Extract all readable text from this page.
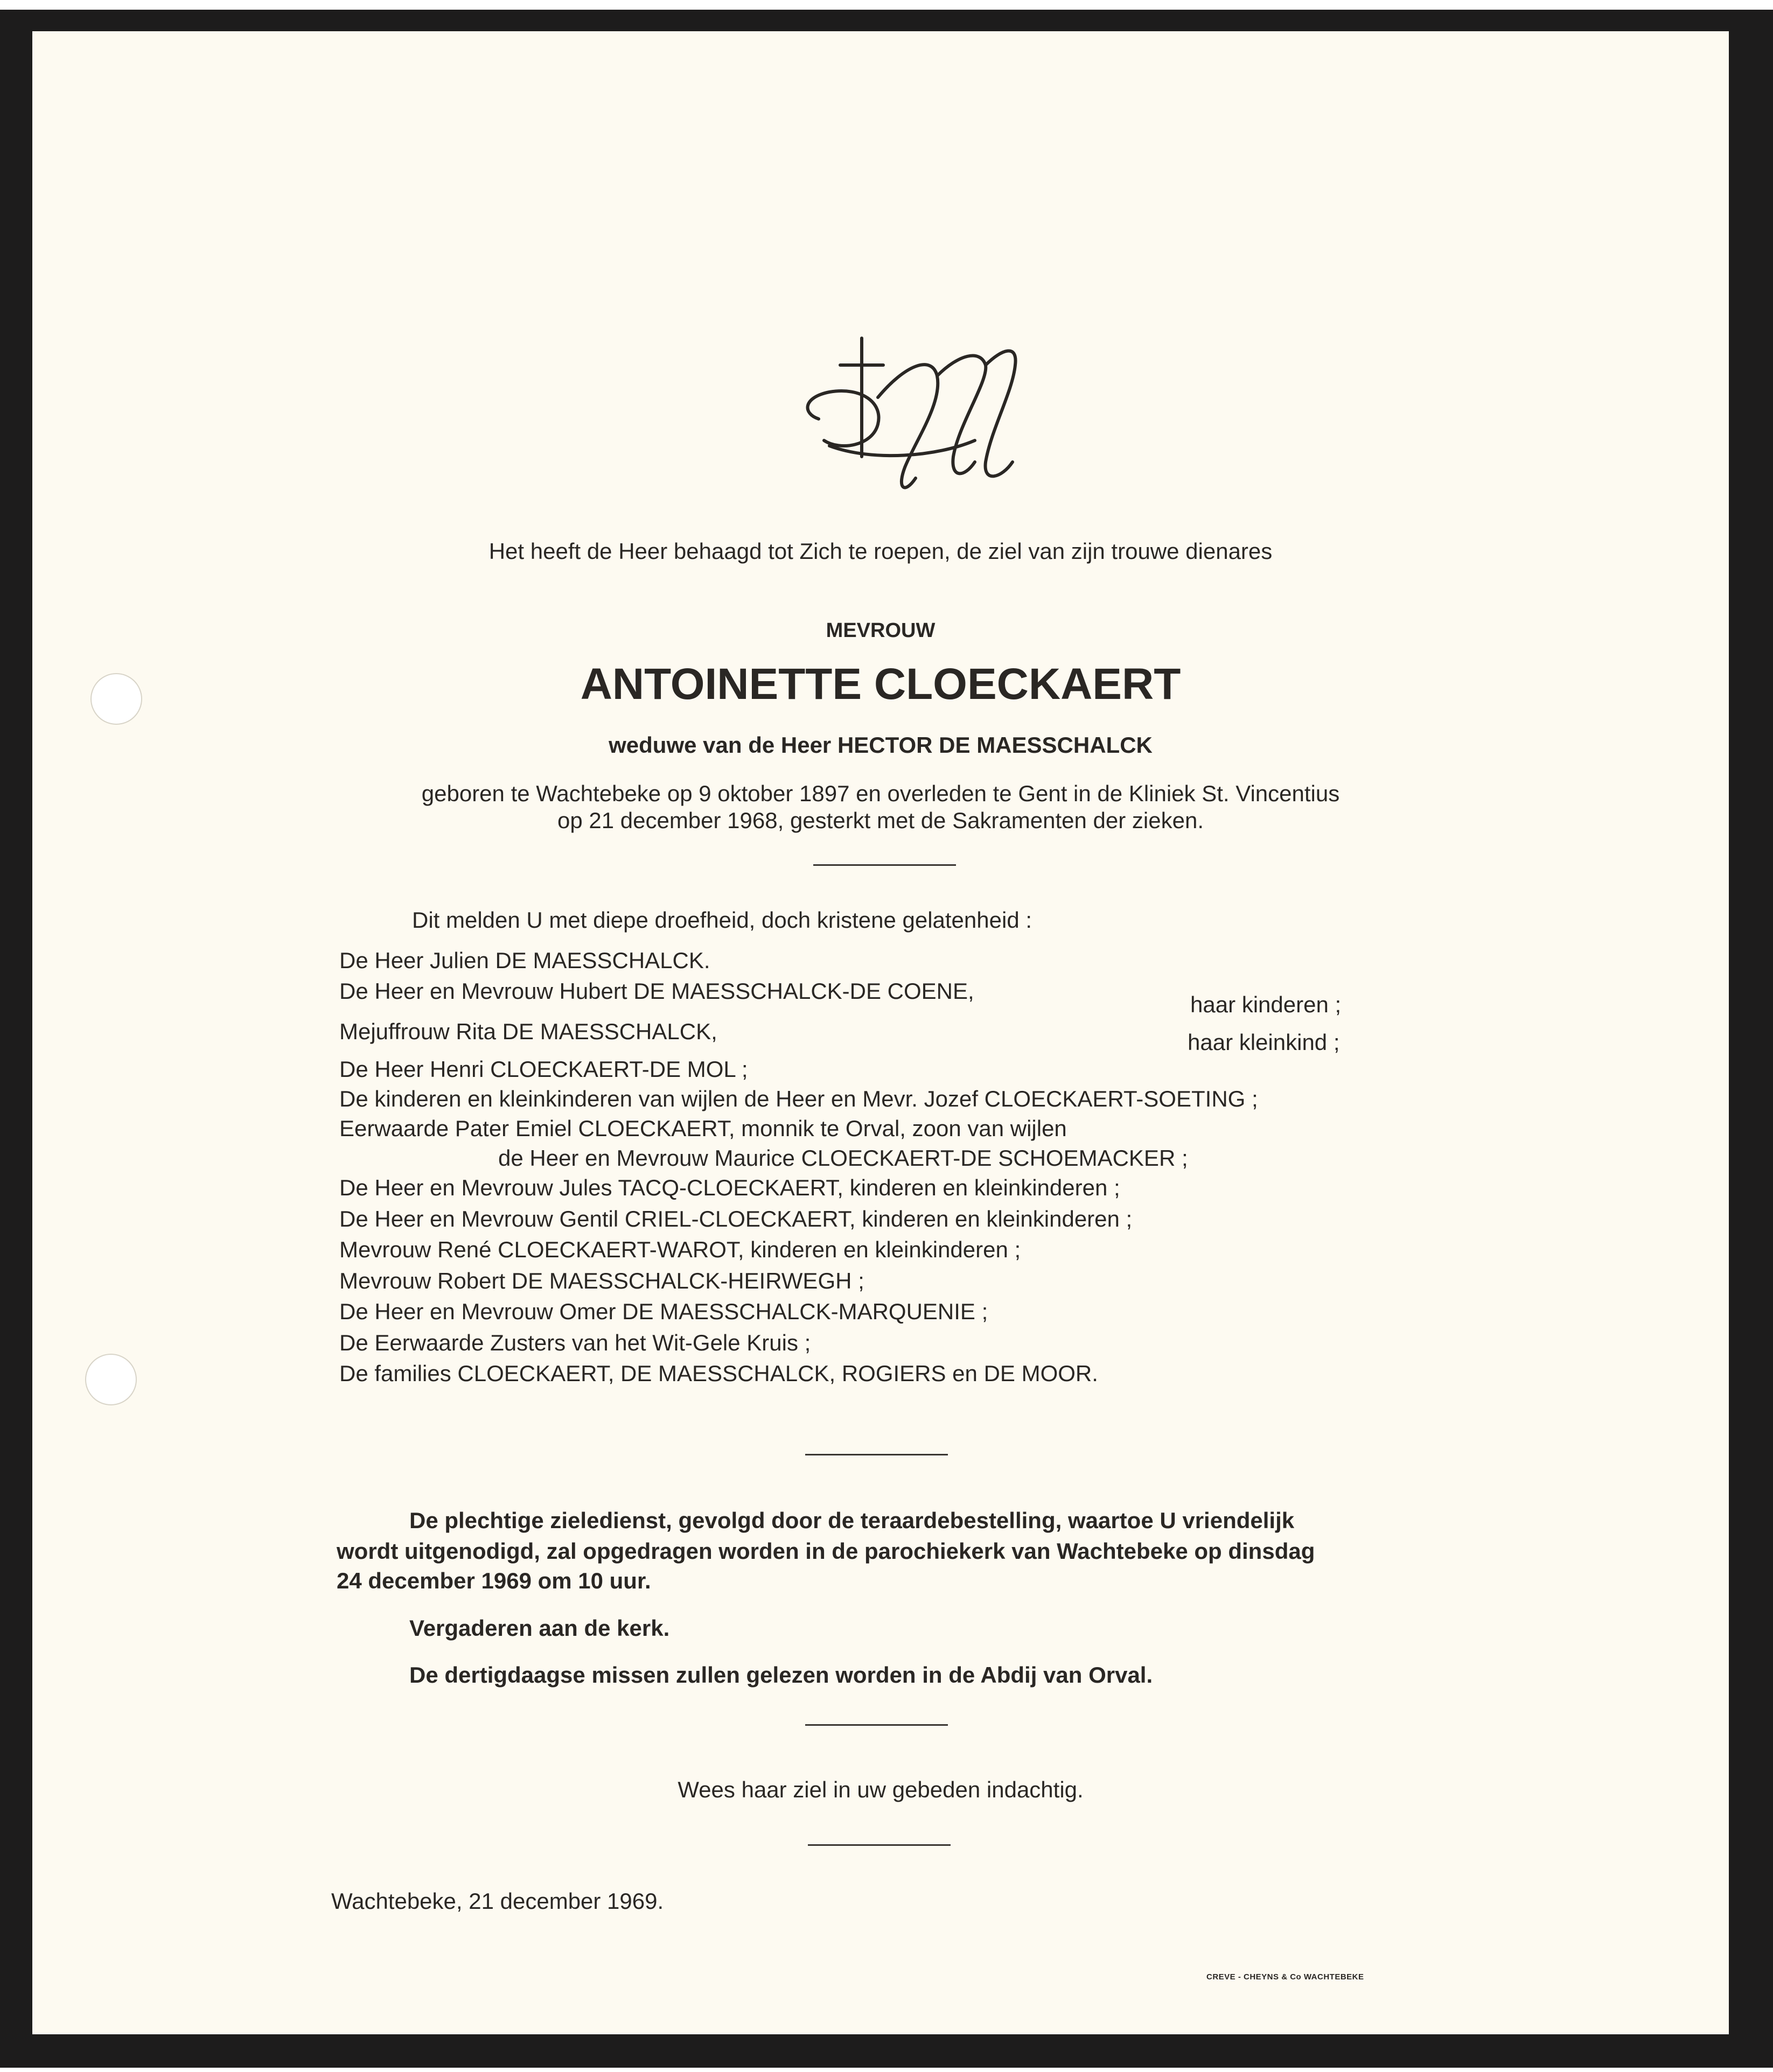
Het heeft de Heer behaagd tot Zich te roepen, de ziel van zijn trouwe dienares
MEVROUW
ANTOINETTE CLOECKAERT
weduwe van de Heer HECTOR DE MAESSCHALCK
geboren te Wachtebeke op 9 oktober 1897 en overleden te Gent in de Kliniek St. Vincentius
op 21 december 1968, gesterkt met de Sakramenten der zieken.
Dit melden U met diepe droefheid, doch kristene gelatenheid :
De Heer Julien DE MAESSCHALCK.
De Heer en Mevrouw Hubert DE MAESSCHALCK-DE COENE,
haar kinderen ;
Mejuffrouw Rita DE MAESSCHALCK,	haar kleinkind ;
De Heer Henri CLOECKAERT-DE MOL ;
De kinderen en kleinkinderen van wijlen de Heer en Mevr. Jozef CLOECKAERT-SOETING ;
Eerwaarde Pater Emiel CLOECKAERT, monnik te Orval, zoon van wijlen
de Heer en Mevrouw Maurice CLOECKAERT-DE SCHOEMACKER ;
De Heer en Mevrouw Jules TACQ-CLOECKAERT, kinderen en kleinkinderen ;
De Heer en Mevrouw Gentil CRIEL-CLOECKAERT, kinderen en kleinkinderen ;
Mevrouw René CLOECKAERT-WAROT, kinderen en kleinkinderen ;
Mevrouw Robert DE MAESSCHALCK-HEIRWEGH ;
De Heer en Mevrouw Omer DE MAESSCHALCK-MARQUENIE ;
De Eerwaarde Zusters van het Wit-Gele Kruis ;
De families CLOECKAERT, DE MAESSCHALCK, ROGIERS en DE MOOR.
De plechtige zieledienst, gevolgd door de teraardebestelling, waartoe U vriendelijk
wordt uitgenodigd, zal opgedragen worden in de parochiekerk van Wachtebeke op dinsdag
24 december 1969 om 10 uur.
Vergaderen aan de kerk.
De dertigdaagse missen zullen gelezen worden in de Abdij van Orval.
Wees haar ziel in uw gebeden indachtig.
Wachtebeke, 21 december 1969.
CREVE - CHEYNS & Co WACHTEBEKE
